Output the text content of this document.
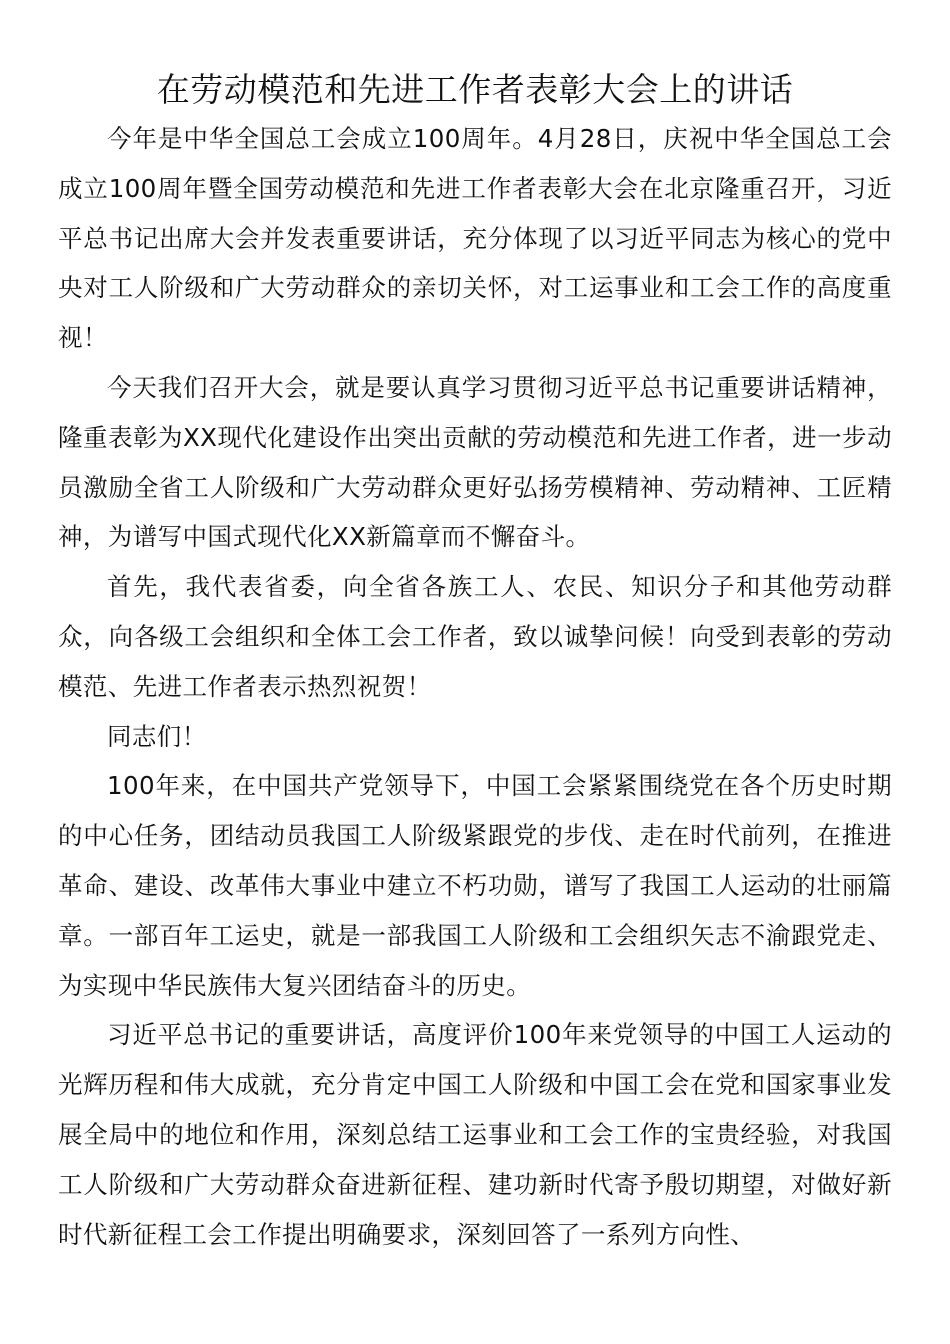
在劳动模范和先进工作者表彰大会上的讲话

今年是中华全国总工会成立100周年。4月28日，庆祝中华全国总工会成立100周年暨全国劳动模范和先进工作者表彰大会在北京隆重召开，习近平总书记出席大会并发表重要讲话，充分体现了以习近平同志为核心的党中央对工人阶级和广大劳动群众的亲切关怀，对工运事业和工会工作的高度重视！

今天我们召开大会，就是要认真学习贯彻习近平总书记重要讲话精神，隆重表彰为XX现代化建设作出突出贡献的劳动模范和先进工作者，进一步动员激励全省工人阶级和广大劳动群众更好弘扬劳模精神、劳动精神、工匠精神，为谱写中国式现代化XX新篇章而不懈奋斗。

首先，我代表省委，向全省各族工人、农民、知识分子和其他劳动群众，向各级工会组织和全体工会工作者，致以诚挚问候！向受到表彰的劳动模范、先进工作者表示热烈祝贺！

同志们！

100年来，在中国共产党领导下，中国工会紧紧围绕党在各个历史时期的中心任务，团结动员我国工人阶级紧跟党的步伐、走在时代前列，在推进革命、建设、改革伟大事业中建立不朽功勋，谱写了我国工人运动的壮丽篇章。一部百年工运史，就是一部我国工人阶级和工会组织矢志不渝跟党走、为实现中华民族伟大复兴团结奋斗的历史。

习近平总书记的重要讲话，高度评价100年来党领导的中国工人运动的光辉历程和伟大成就，充分肯定中国工人阶级和中国工会在党和国家事业发展全局中的地位和作用，深刻总结工运事业和工会工作的宝贵经验，对我国工人阶级和广大劳动群众奋进新征程、建功新时代寄予殷切期望，对做好新时代新征程工会工作提出明确要求，深刻回答了一系列方向性、
